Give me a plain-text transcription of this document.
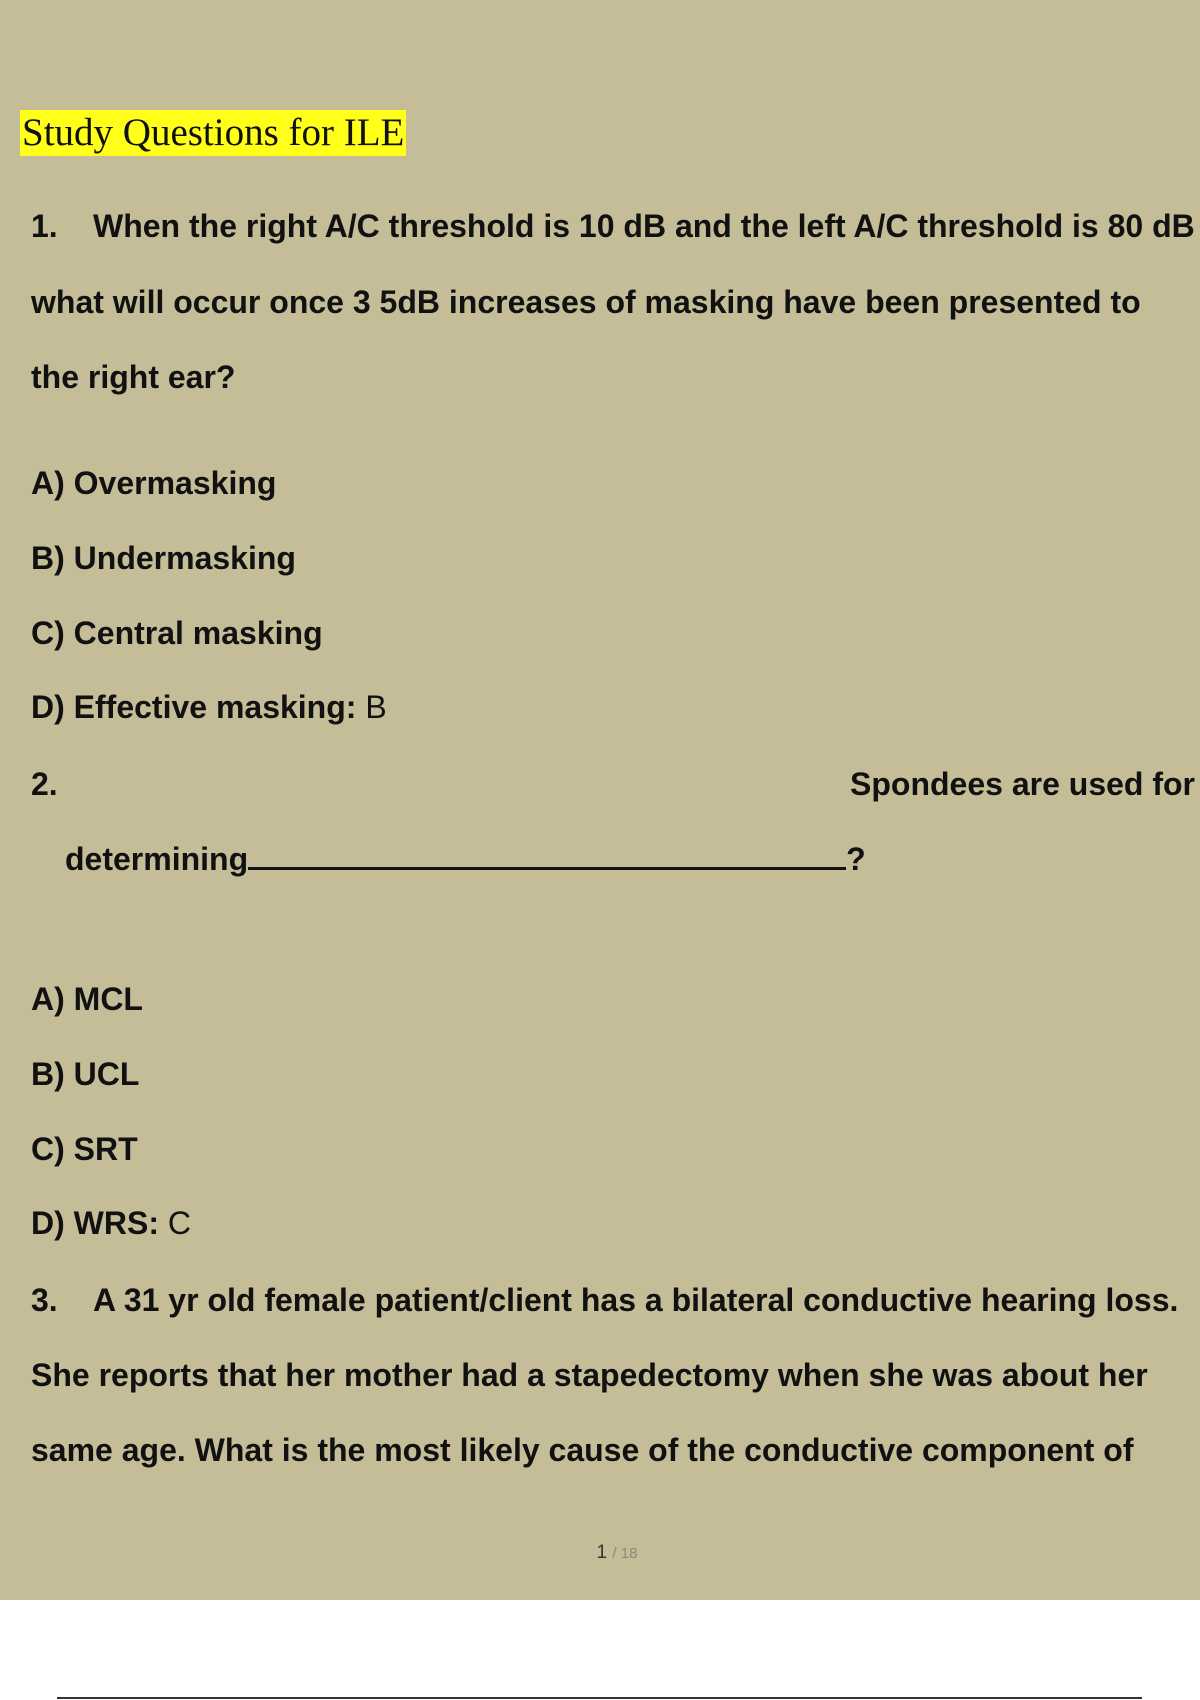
Study Questions for ILE
1. When the right A/C threshold is 10 dB and the left A/C threshold is 80 dB
what will occur once 3 5dB increases of masking have been presented to
the right ear?
A) Overmasking
B) Undermasking
C) Central masking
D) Effective masking: B
2.	Spondees are used for
determining	?
A) MCL
B) UCL
C) SRT
D) WRS: C
3. A 31 yr old female patient/client has a bilateral conductive hearing loss.
She reports that her mother had a stapedectomy when she was about her
same age. What is the most likely cause of the conductive component of
1 / 18
